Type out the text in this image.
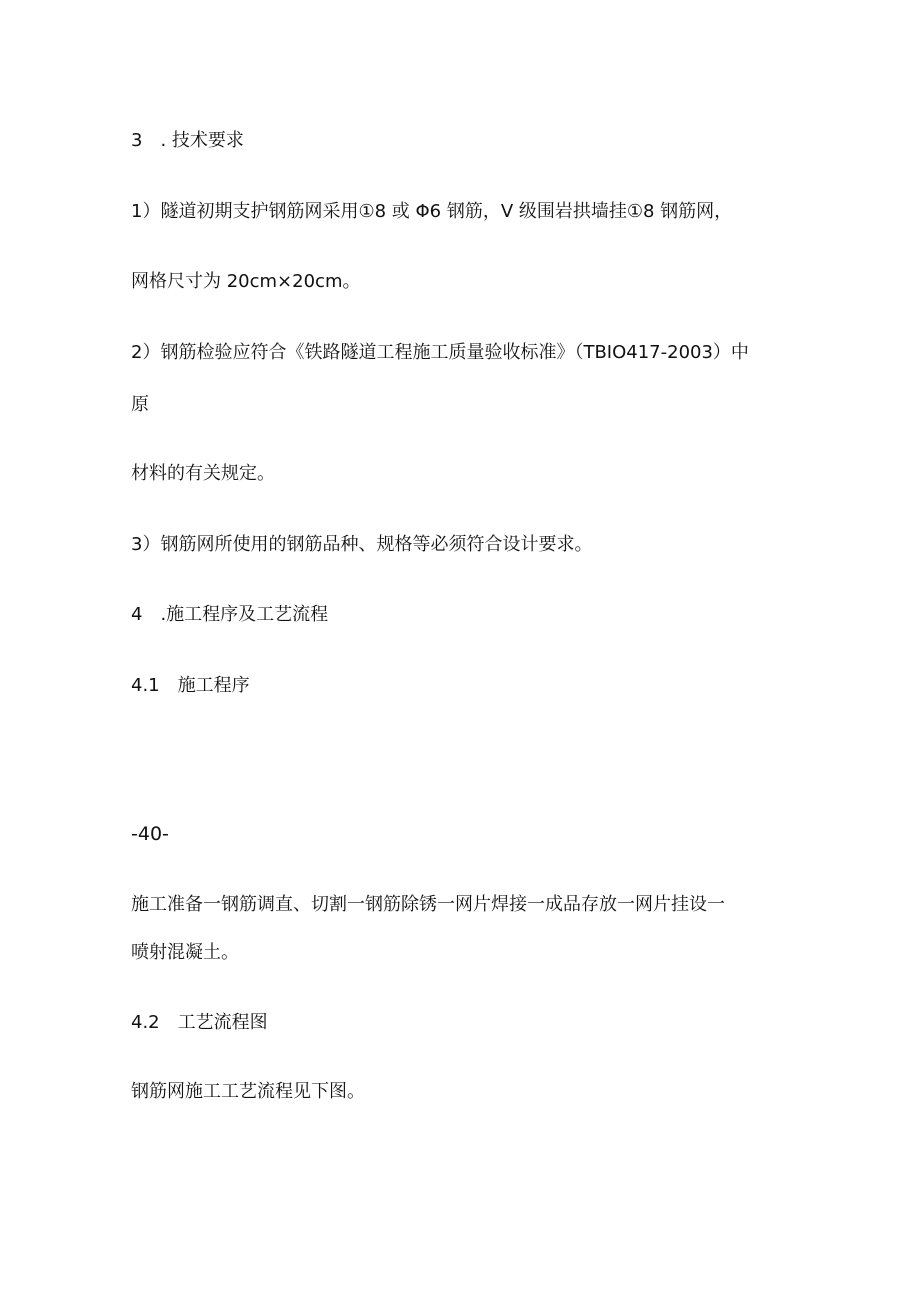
3　. 技术要求

1）隧道初期支护钢筋网采用①8 或 Φ6 钢筋，V 级围岩拱墙挂①8 钢筋网，

网格尺寸为 20cm×20cm。

2）钢筋检验应符合《铁路隧道工程施工质量验收标准》（TBIO417-2003）中

原

材料的有关规定。

3）钢筋网所使用的钢筋品种、规格等必须符合设计要求。

4　.施工程序及工艺流程

4.1　施工程序

-40-

施工准备一钢筋调直、切割一钢筋除锈一网片焊接一成品存放一网片挂设一

喷射混凝土。

4.2　工艺流程图

钢筋网施工工艺流程见下图。
